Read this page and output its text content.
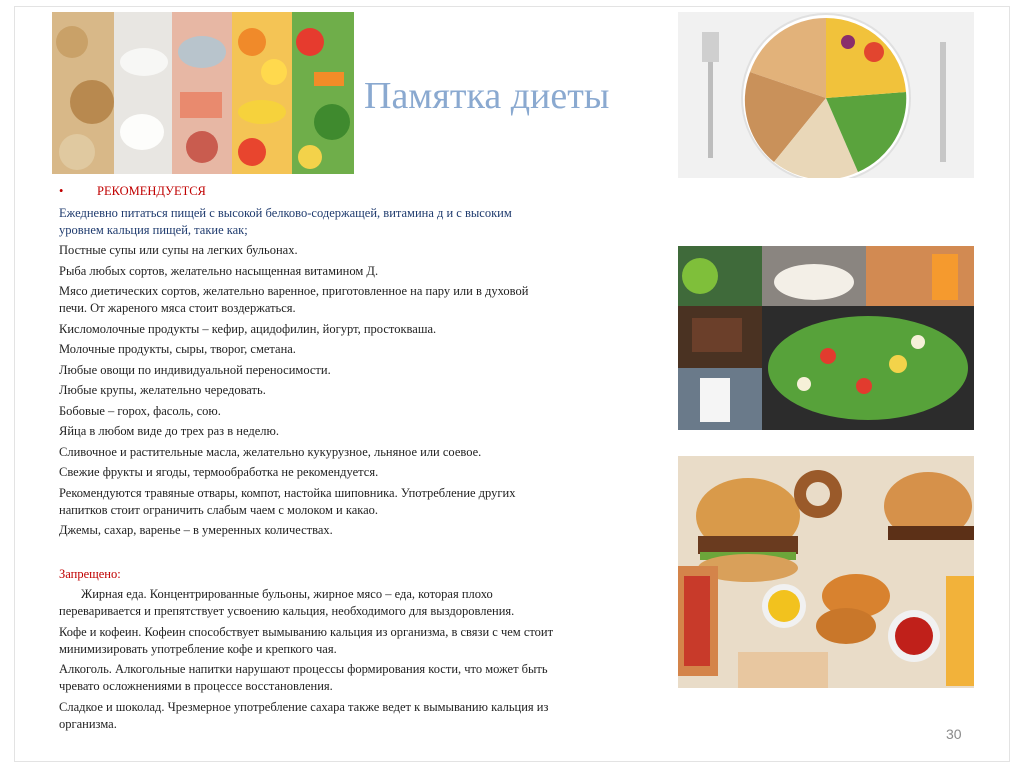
Памятка диеты
•	РЕКОМЕНДУЕТСЯ

Ежедневно питаться пищей с высокой белково-содержащей, витамина д и с высоким

уровнем кальция пищей, такие как;

Постные супы или супы на легких бульонах.

Рыба любых сортов, желательно насыщенная витамином Д.

Мясо диетических сортов, желательно варенное, приготовленное на пару или в духовой

печи. От жареного мяса стоит воздержаться.

Кисломолочные продукты – кефир, ацидофилин, йогурт, простокваша.

Молочные продукты, сыры, творог, сметана.

Любые овощи по индивидуальной переносимости.

Любые крупы, желательно чередовать.

Бобовые – горох, фасоль, сою.

Яйца в любом виде до трех раз в неделю.

Сливочное и растительные масла, желательно кукурузное, льняное или соевое.

Свежие фрукты и ягоды, термообработка не рекомендуется.

Рекомендуются травяные отвары, компот, настойка шиповника. Употребление других

напитков стоит ограничить слабым чаем с молоком и какао.

Джемы, сахар, варенье – в умеренных количествах.

Запрещено:

Жирная еда. Концентрированные бульоны, жирное мясо – еда, которая плохо

переваривается и препятствует усвоению кальция, необходимого для выздоровления.

Кофе и кофеин. Кофеин способствует вымыванию кальция из организма, в связи с чем стоит

минимизировать употребление кофе и крепкого чая.

Алкоголь. Алкогольные напитки нарушают процессы формирования кости, что может быть

чревато осложнениями в процессе восстановления.

Сладкое и шоколад. Чрезмерное употребление сахара также ведет к вымыванию кальция из

организма.

30
